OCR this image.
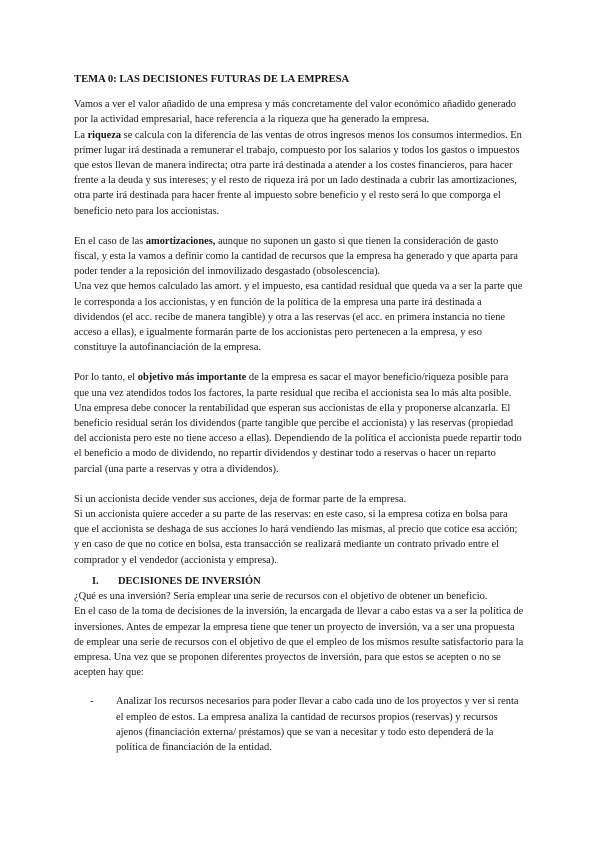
TEMA 0: LAS DECISIONES FUTURAS DE LA EMPRESA

Vamos a ver el valor añadido de una empresa y más concretamente del valor económico añadido generado por la actividad empresarial, hace referencia a la riqueza que ha generado la empresa.

La riqueza se calcula con la diferencia de las ventas de otros ingresos menos los consumos intermedios. En primer lugar irá destinada a remunerar el trabajo, compuesto por los salarios y todos los gastos o impuestos que estos llevan de manera indirecta; otra parte irá destinada a atender a los costes financieros, para hacer frente a la deuda y sus intereses; y el resto de riqueza irá por un lado destinada a cubrir las amortizaciones, otra parte irá destinada para hacer frente al impuesto sobre beneficio y el resto será lo que comporga el beneficio neto para los accionistas.

En el caso de las amortizaciones, aunque no suponen un gasto si que tienen la consideración de gasto fiscal, y esta la vamos a definir como la cantidad de recursos que la empresa ha generado y que aparta para poder tender a la reposición del inmovilizado desgastado (obsolescencia).

Una vez que hemos calculado las amort. y el impuesto, esa cantidad residual que queda va a ser la parte que le corresponda a los accionistas, y en función de la política de la empresa una parte irá destinada a dividendos (el acc. recibe de manera tangible) y otra a las reservas (el acc. en primera instancia no tiene acceso a ellas), e igualmente formarán parte de los accionistas pero pertenecen a la empresa, y eso constituye la autofinanciación de la empresa.

Por lo tanto, el objetivo más importante de la empresa es sacar el mayor beneficio/riqueza posible para que una vez atendidos todos los factores, la parte residual que reciba el accionista sea lo más alta posible. Una empresa debe conocer la rentabilidad que esperan sus accionistas de ella y proponerse alcanzarla. El beneficio residual serán los dividendos (parte tangible que percibe el accionista) y las reservas (propiedad del accionista pero este no tiene acceso a ellas). Dependiendo de la política el accionista puede repartir todo el beneficio a modo de dividendo, no repartir dividendos y destinar todo a reservas o hacer un reparto parcial (una parte a reservas y otra a dividendos).

Si un accionista decide vender sus acciones, deja de formar parte de la empresa.

Si un accionista quiere acceder a su parte de las reservas: en este caso, si la empresa cotiza en bolsa para que el accionista se deshaga de sus acciones lo hará vendiendo las mismas, al precio que cotice esa acción; y en caso de que no cotice en bolsa, esta transacción se realizará mediante un contrato privado entre el comprador y el vendedor (accionista y empresa).

I.	DECISIONES DE INVERSIÓN

¿Qué es una inversión? Sería emplear una serie de recursos con el objetivo de obtener un beneficio.

En el caso de la toma de decisiones de la inversión, la encargada de llevar a cabo estas va a ser la política de inversiones. Antes de empezar la empresa tiene que tener un proyecto de inversión, va a ser una propuesta de emplear una serie de recursos con el objetivo de que el empleo de los mismos resulte satisfactorio para la empresa. Una vez que se proponen diferentes proyectos de inversión, para que estos se acepten o no se acepten hay que:

-	Analizar los recursos necesarios para poder llevar a cabo cada uno de los proyectos y ver si renta el empleo de estos. La empresa analiza la cantidad de recursos propios (reservas) y recursos ajenos (financiación externa/ préstamos) que se van a necesitar y todo esto dependerá de la política de financiación de la entidad.
